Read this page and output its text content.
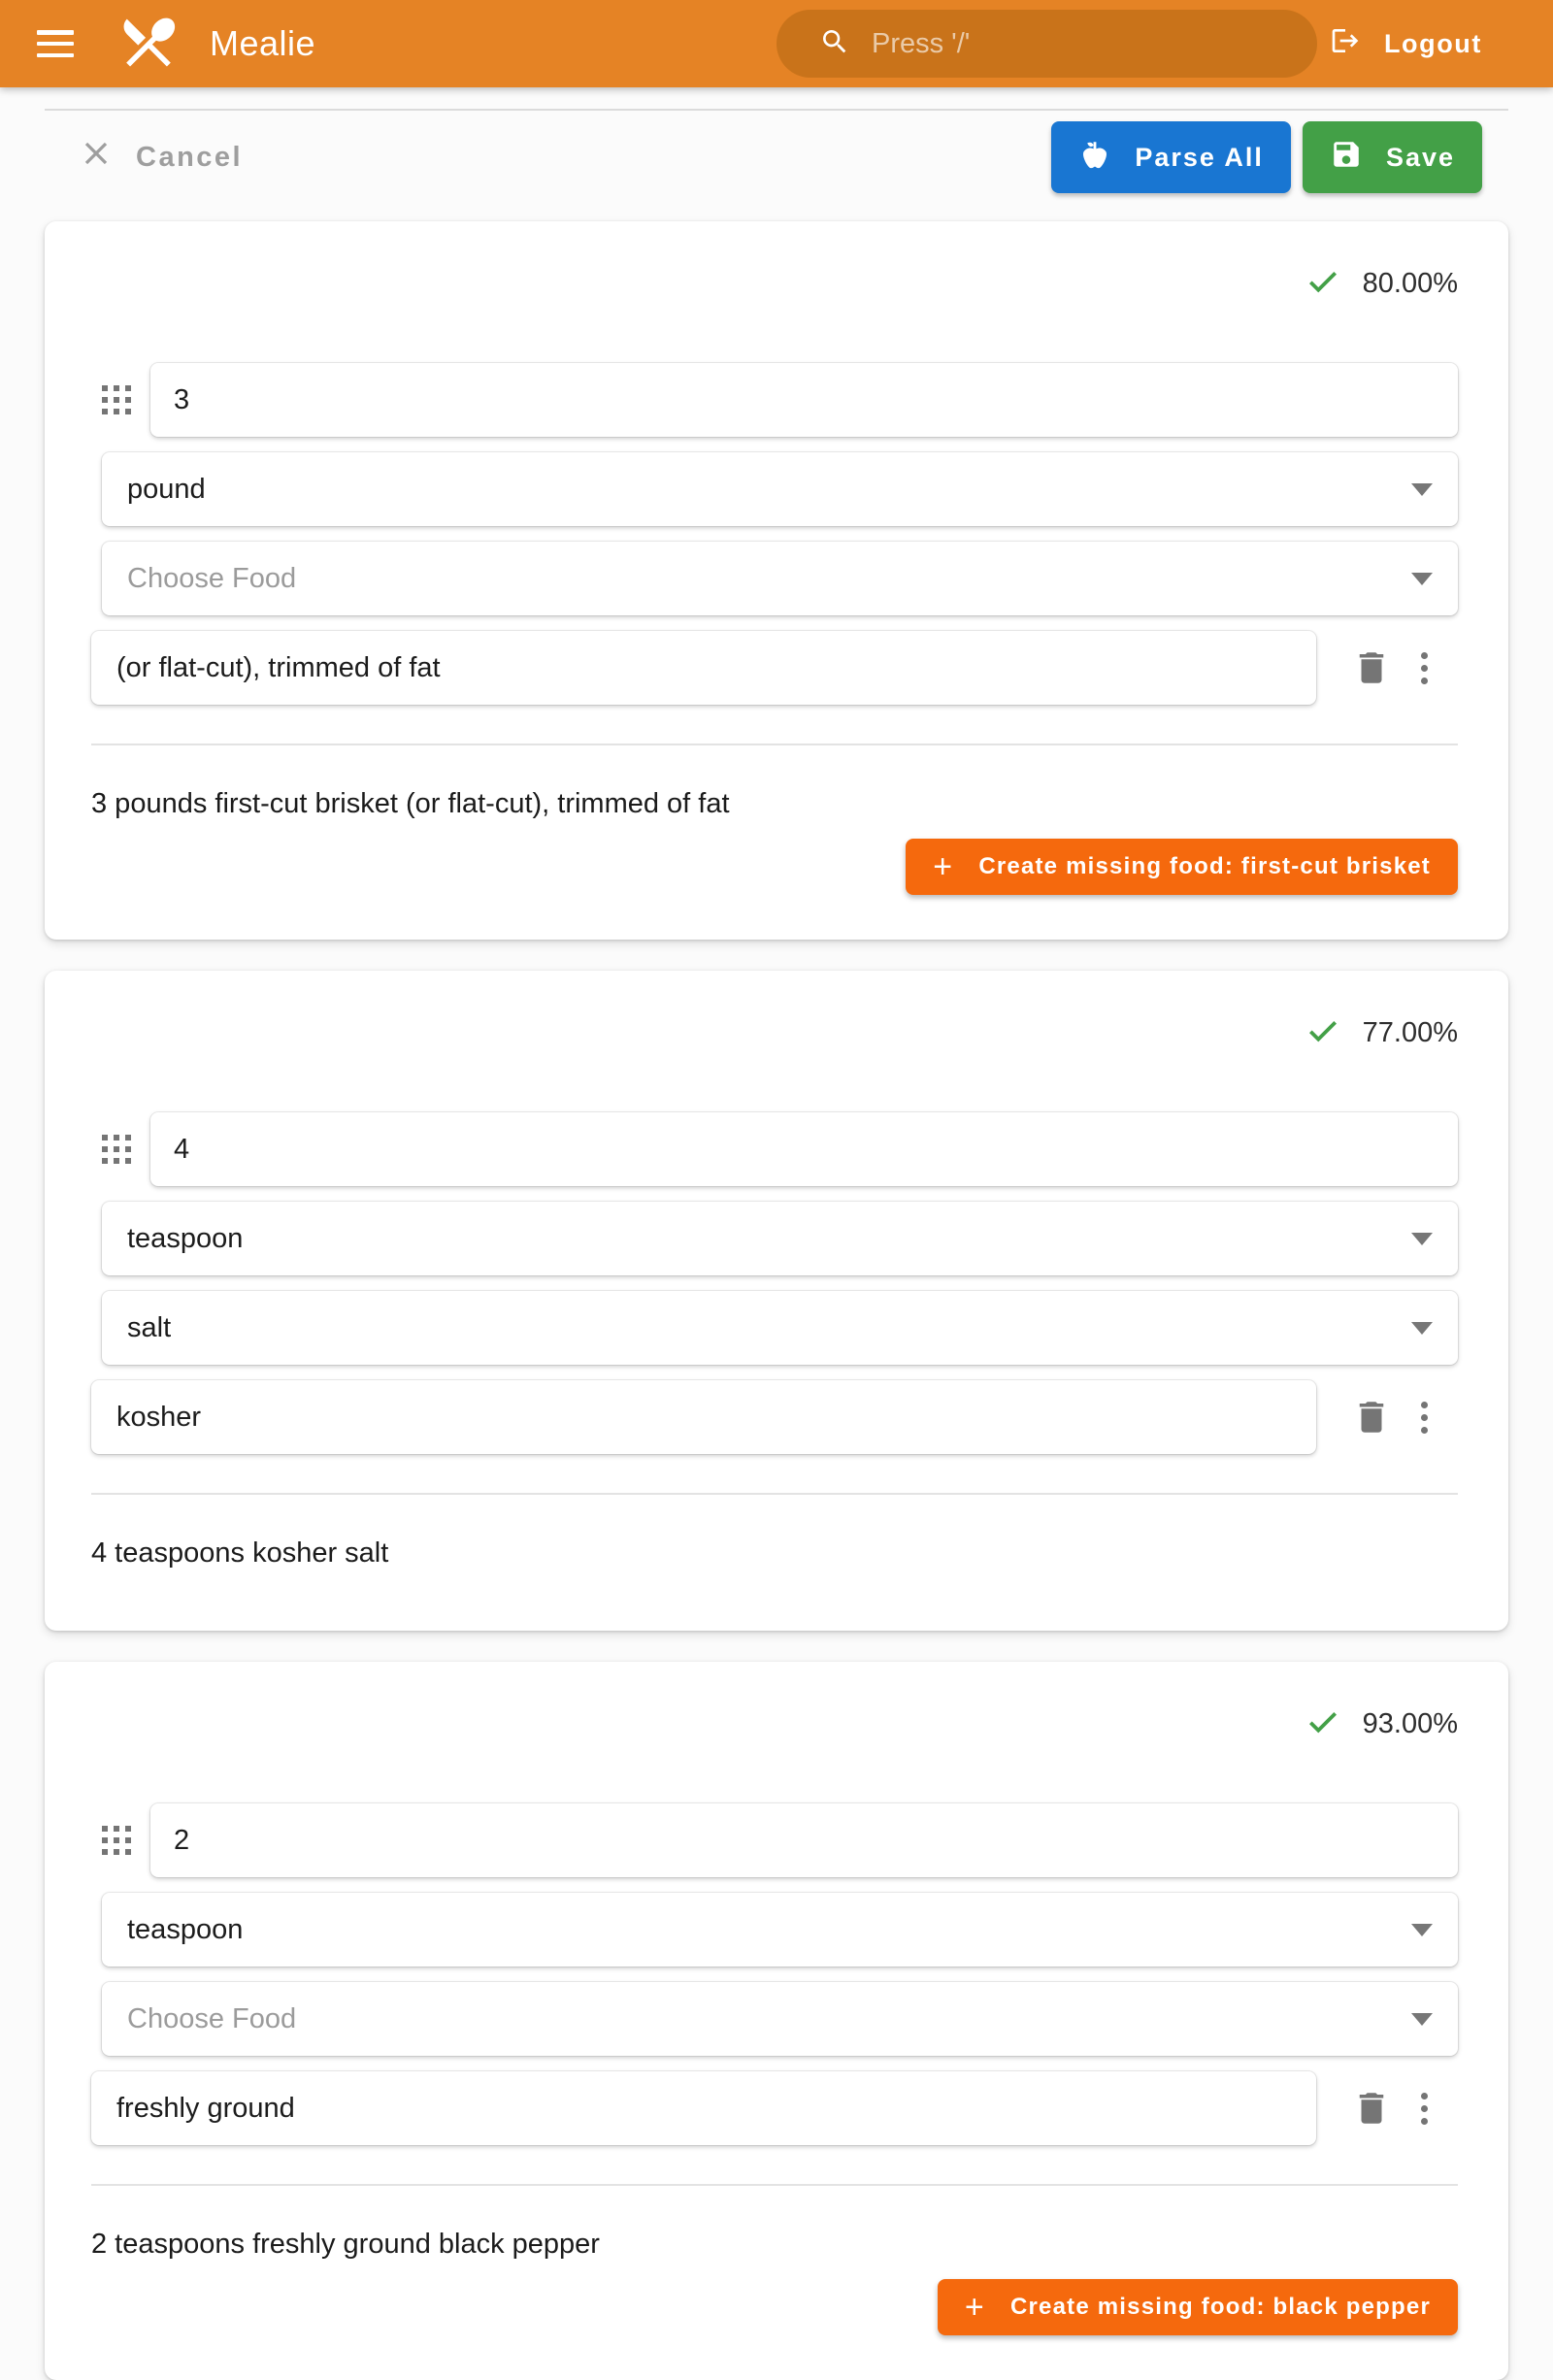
Mealie
Press '/'	Logout
Cancel	Parse All	Save
80.00%
3
pound
Choose Food
(or flat-cut), trimmed of fat

3 pounds first-cut brisket (or flat-cut), trimmed of fat

+ Create missing food: first-cut brisket
77.00%
4
teaspoon
salt
kosher

4 teaspoons kosher salt

93.00%
2
teaspoon
Choose Food
freshly ground

2 teaspoons freshly ground black pepper

+ Create missing food: black pepper
